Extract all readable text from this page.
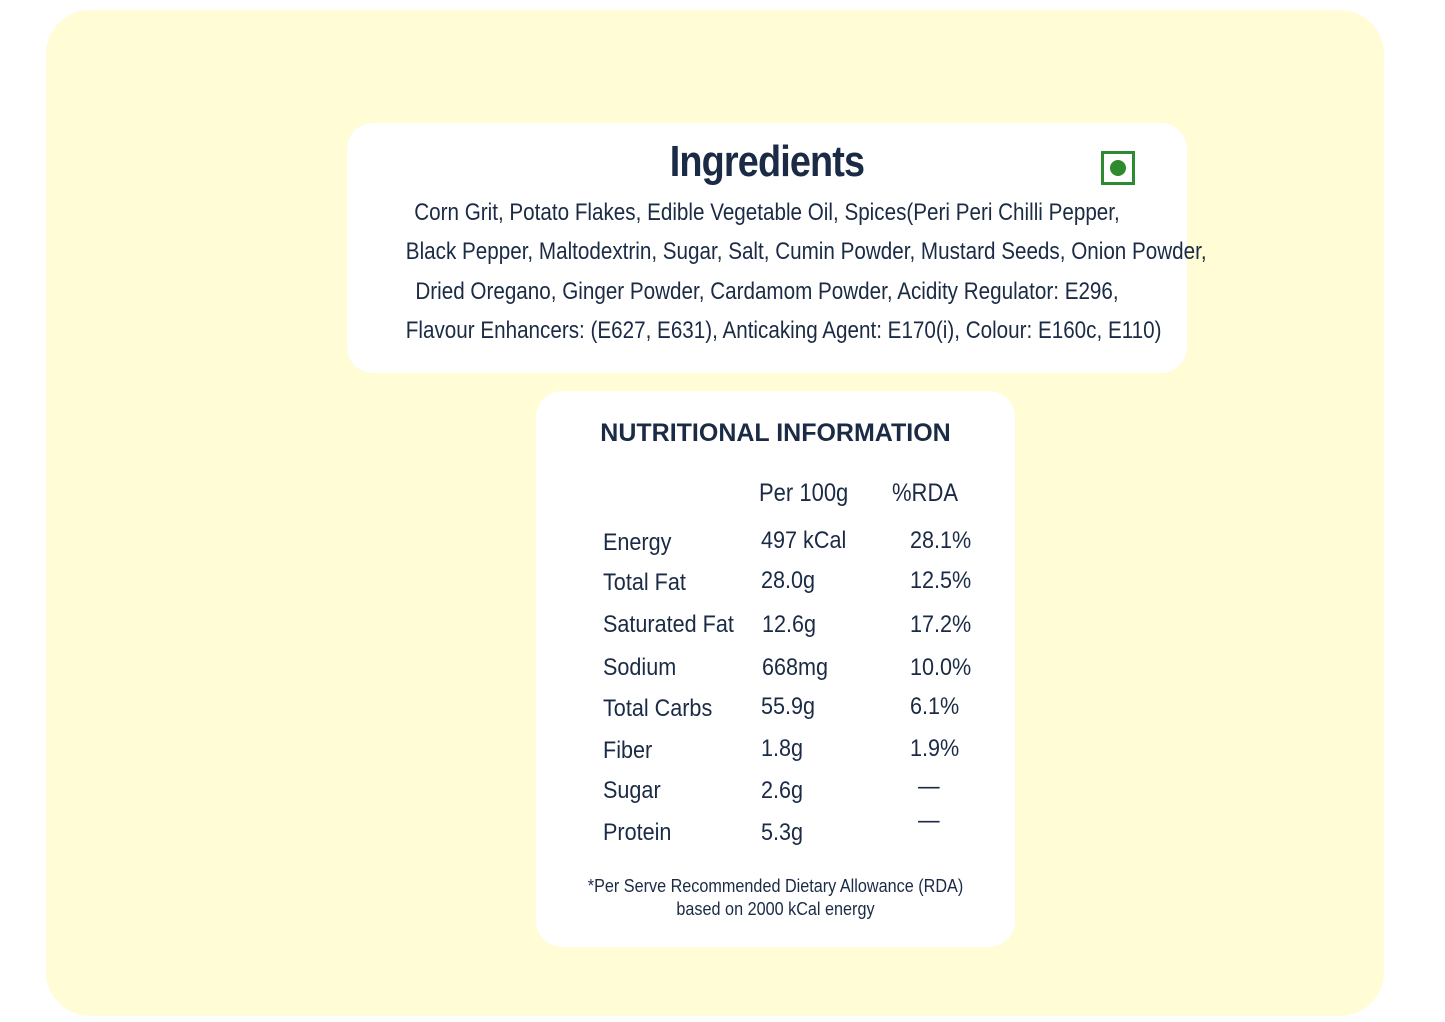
Ingredients
Corn Grit, Potato Flakes, Edible Vegetable Oil, Spices(Peri Peri Chilli Pepper,
Black Pepper, Maltodextrin, Sugar, Salt, Cumin Powder, Mustard Seeds, Onion Powder,
Dried Oregano, Ginger Powder, Cardamom Powder, Acidity Regulator: E296,
Flavour Enhancers: (E627, E631), Anticaking Agent: E170(i), Colour: E160c, E110)
NUTRITIONAL INFORMATION
Per 100g %RDA
Energy	497 kCal	28.1%
Total Fat	28.0g	12.5%
Saturated Fat 12.6g	17.2%
Sodium	668mg	10.0%
Total Carbs 55.9g	6.1%
Fiber	1.8g	1.9%
Sugar	2.6g	—
Protein	5.3g	—
*Per Serve Recommended Dietary Allowance (RDA)
based on 2000 kCal energy
